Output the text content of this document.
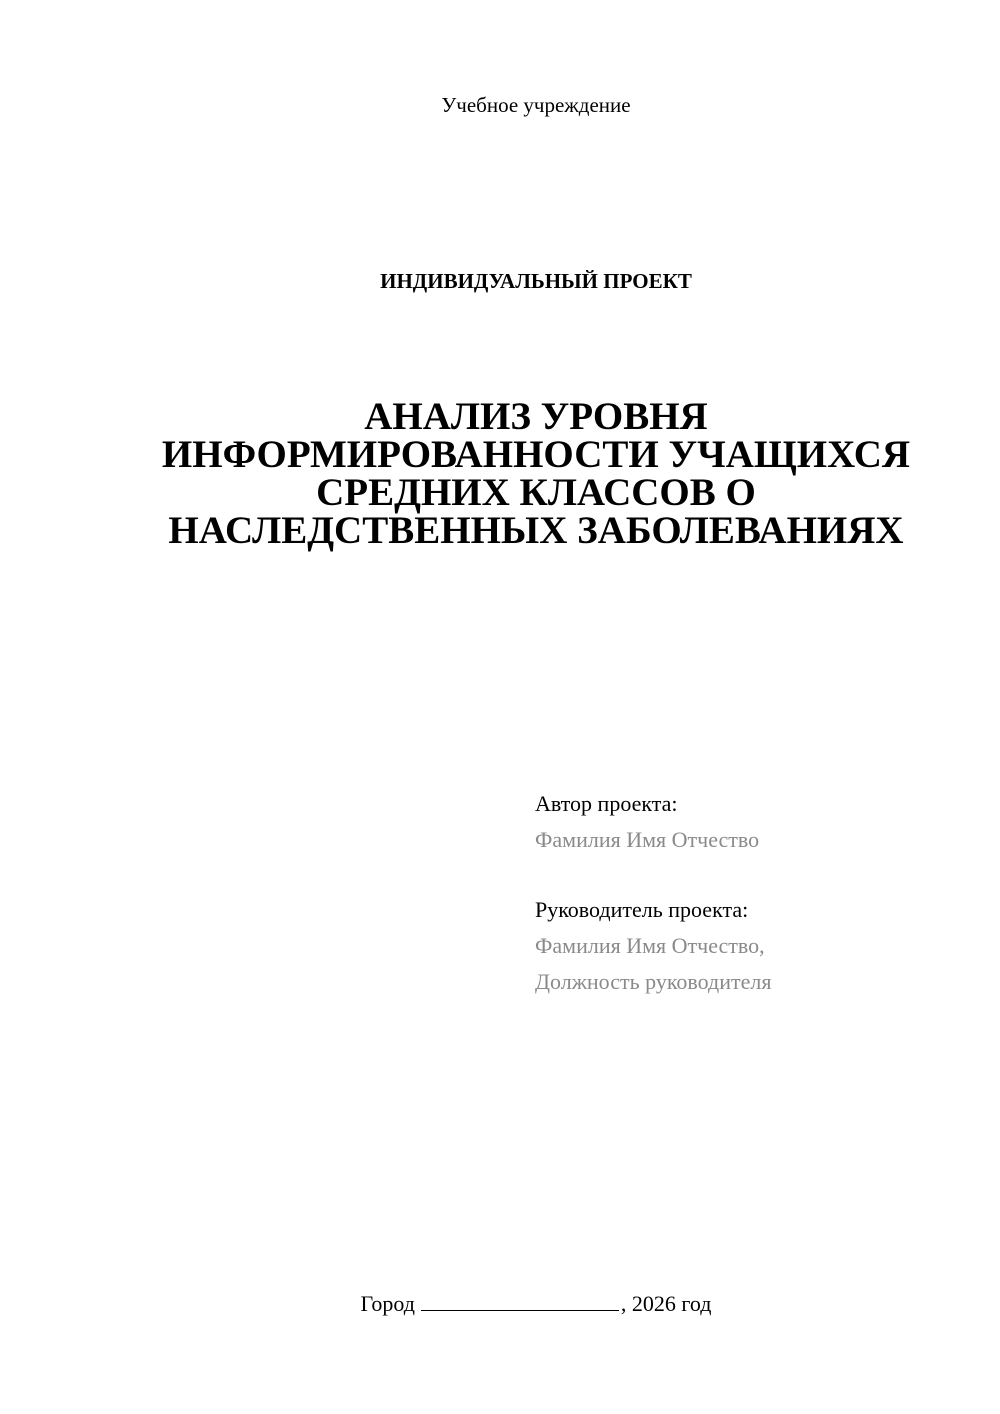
Учебное учреждение
ИНДИВИДУАЛЬНЫЙ ПРОЕКТ
АНАЛИЗ УРОВНЯ
ИНФОРМИРОВАННОСТИ УЧАЩИХСЯ
СРЕДНИХ КЛАССОВ О
НАСЛЕДСТВЕННЫХ ЗАБОЛЕВАНИЯХ
Автор проекта:
Фамилия Имя Отчество
Руководитель проекта:
Фамилия Имя Отчество,
Должность руководителя
Город	, 2026 год
